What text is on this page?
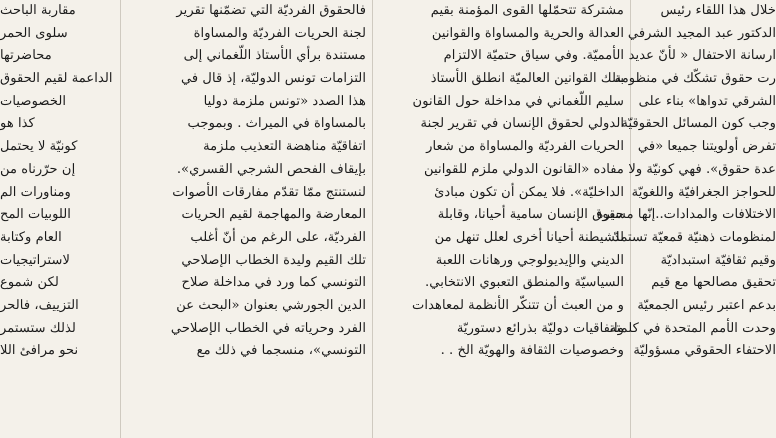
مقاربة الباحث
سلوى الحمر
محاضرتها
الداعمة لقيم الحقوق
الخصوصيات
كذا هو
كونيّة لا يحتمل
إن حرّرناه من
ومناورات الم
اللوبيات المح
العام وكتابة
لاستراتيجيات
لكن شموع
التزييف، فالحر
لذلك ستستمر
نحو مرافئ اللا
فالحقوق الفرديّة التي تضمّنها تقرير
لجنة الحريات الفرديّة والمساواة
مستندة برأي الأستاذ اللّغماني إلى
التزامات تونس الدوليّة، إذ قال في
هذا الصدد «تونس ملزمة دوليا
بالمساواة في الميراث . وبموجب
اتفاقيّة مناهضة التعذيب ملزمة
بإيقاف الفحص الشرجي القسري».
لنستنتج ممّا تقدّم مفارقات الأصوات
المعارضة والمهاجمة لقيم الحريات
الفرديّة، على الرغم من أنّ أغلب
تلك القيم وليدة الخطاب الإصلاحي
التونسي كما ورد في مداخلة صلاح
الدين الجورشي بعنوان «البحث عن
الفرد وحرياته في الخطاب الإصلاحي
التونسي»، منسجما في ذلك مع
مشتركة تتحمّلها القوى المؤمنة بقيم
العدالة والحرية والمساواة والقوانين
الأمميّة. وفي سياق حتميّة الالتزام
بتلك القوانين العالميّة انطلق الأستاذ
سليم اللّغماني في مداخلة حول القانون
الدولي لحقوق الإنسان في تقرير لجنة
الحريات الفرديّة والمساواة من شعار
مفاده «القانون الدولي ملزم للقوانين
الداخليّة». فلا يمكن أن تكون مبادئ
حقوق الإنسان سامية أحيانا، وقابلة
للشيطنة أحيانا أخرى لعلل تنهل من
الديني والإيديولوجي ورهانات اللعبة
السياسيّة والمنطق التعبوي الانتخابي.
و من العبث أن تتنكّر الأنظمة لمعاهدات
واتفاقيات دوليّة بذرائع دستوريّة
وخصوصيات الثقافة والهويّة الخ . .
خلال هذا اللقاء رئيس
الدكتور عبد المجيد الشرفي
ارسانة الاحتفال « لأنّ عديد
رت حقوق تشكّك في منظومة
الشرقي تدواها» بناء على
وجب كون المسائل الحقوقيّة
تفرض أولويتنا جميعا «في
عدة حقوق». فهي كونيّة ولا
للحواجز الجغرافيّة واللغويّة
الاختلافات والمدادات..إنّها مسيرة
لمنظومات ذهنيّة قمعيّة تستمدّ
وقيم ثقافيّة استبداديّة
تحقيق مصالحها مع قيم
بدعم اعتبر رئيس الجمعيّة
وحدت الأمم المتحدة في كلمته
الاحتفاء الحقوقي مسؤوليّة
